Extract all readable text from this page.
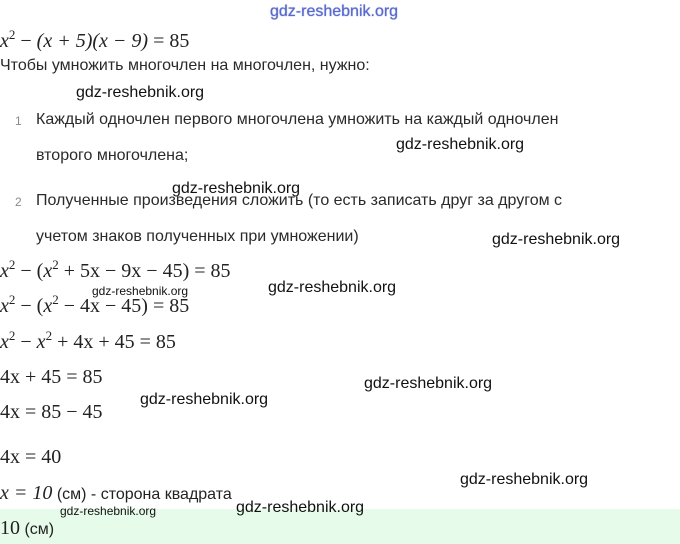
gdz-reshebnik.org
$x^2 - (x + 5)(x - 9) = 85$
Чтобы умножить многочлен на многочлен, нужно:
gdz-reshebnik.org
1 Каждый одночлен первого многочлена умножить на каждый одночлен
gdz-reshebnik.org
второго многочлена;
gdz-reshebnik.org
2 Полученные произведения сложить (то есть записать друг за другом с
учетом знаков полученных при умножении)	gdz-reshebnik.org
$x^2 - (x^2 + 5x - 9x - 45) = 85$
gdz-reshebnik.org	gdz-reshebnik.org
$x^2 - (x^2 - 4x - 45) = 85$
$x^2 - x^2 + 4x + 45 = 85$
4x + 45 = 85	gdz-reshebnik.org
gdz-reshebnik.org
4x = 85 − 45
4x = 40
gdz-reshebnik.org
x = 10 (см) - сторона квадрата
10 (см)
gdz-reshebnik.org	gdz-reshebnik.org
